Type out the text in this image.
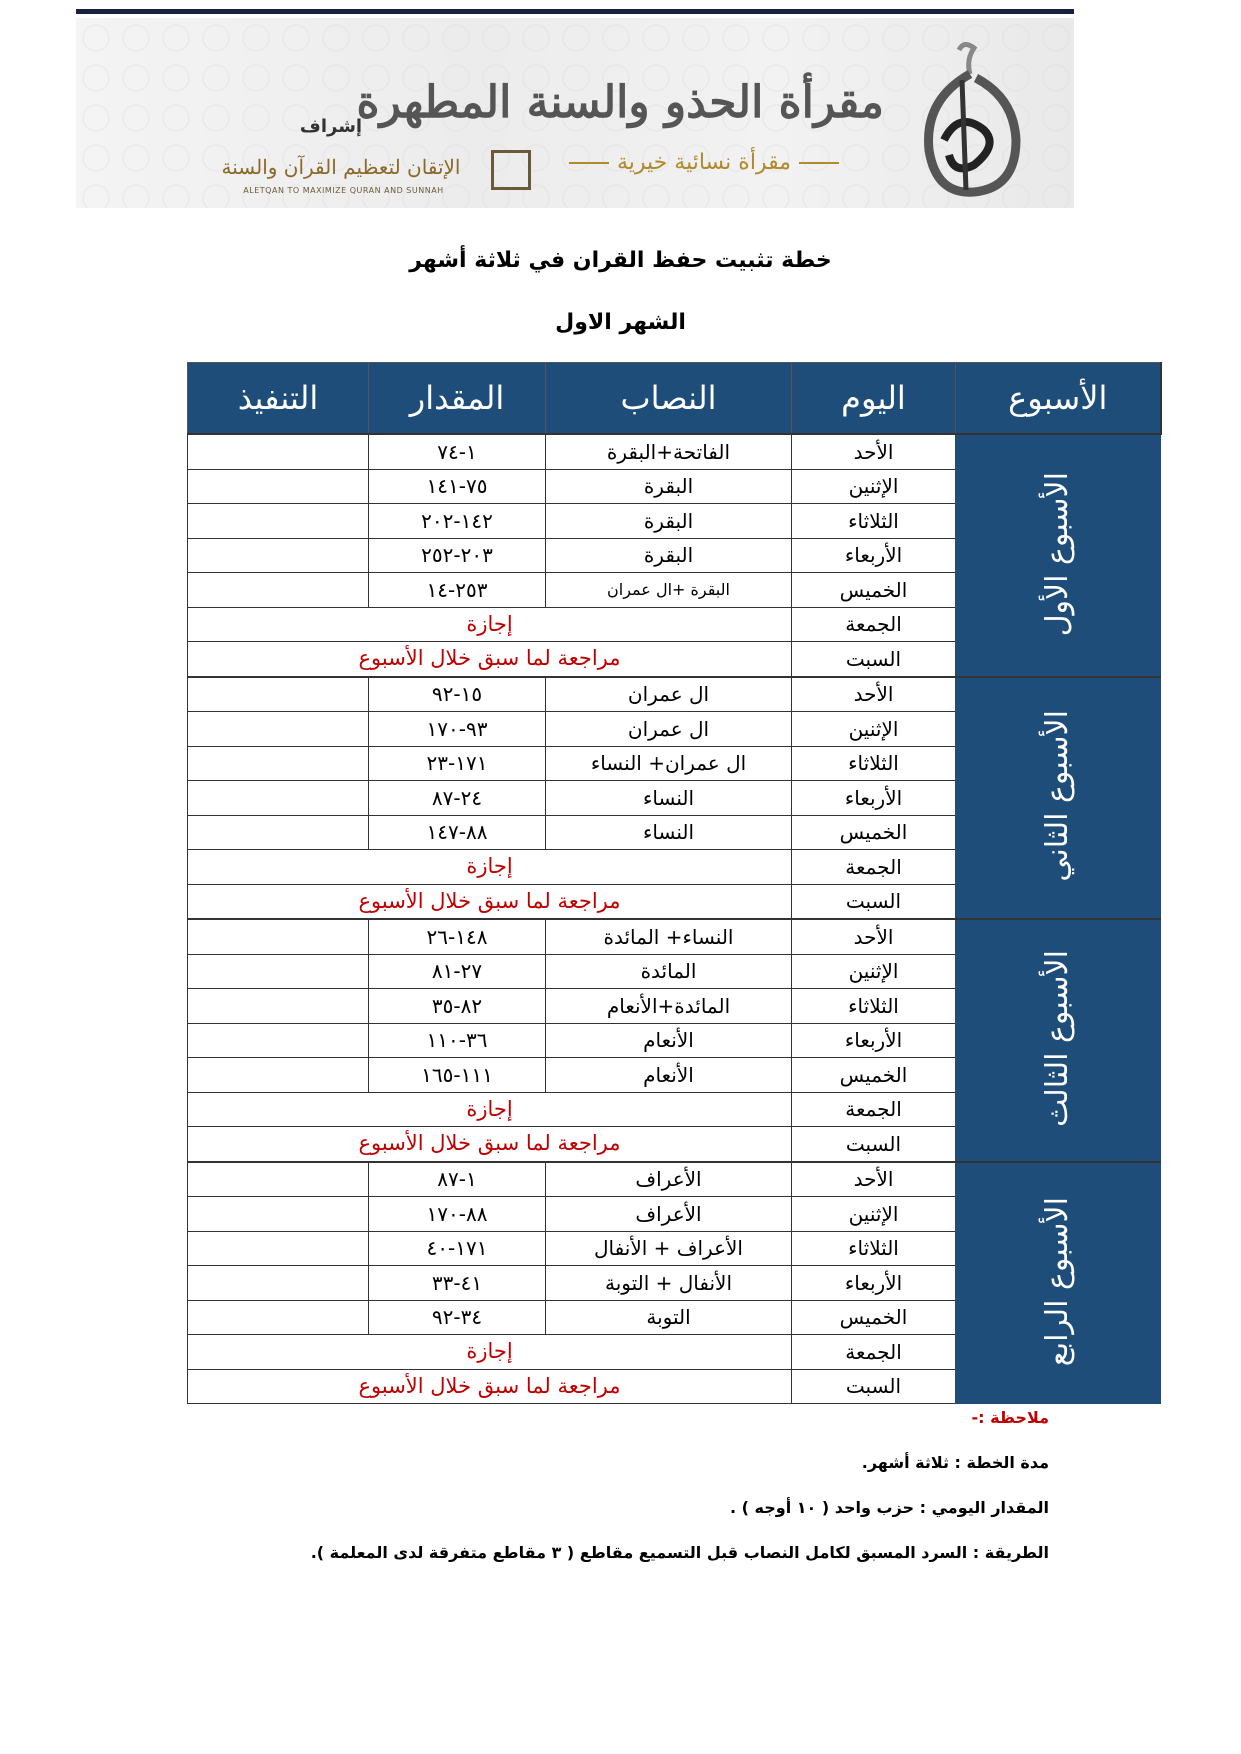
مقرأة الحذو والسنة المطهرة
مقرأة نسائية خيرية
إشراف
الإتقان لتعظيم القرآن والسنة
ALETQAN TO MAXIMIZE QURAN AND SUNNAH
خطة تثبيت حفظ القران في ثلاثة أشهر
الشهر الاول
الأسبوع	اليوم	النصاب	المقدار	التنفيذ
الأسبوع الأول	الأحد	الفاتحة+البقرة	١-٧٤	
	الإثنين	البقرة	٧٥-١٤١	
	الثلاثاء	البقرة	١٤٢-٢٠٢	
	الأربعاء	البقرة	٢٠٣-٢٥٢	
	الخميس	البقرة +ال عمران	٢٥٣-١٤	
	الجمعة	إجازة		
	السبت	مراجعة لما سبق خلال الأسبوع		
الأسبوع الثاني	الأحد	ال عمران	١٥-٩٢	
	الإثنين	ال عمران	٩٣-١٧٠	
	الثلاثاء	ال عمران+ النساء	١٧١-٢٣	
	الأربعاء	النساء	٢٤-٨٧	
	الخميس	النساء	٨٨-١٤٧	
	الجمعة	إجازة		
	السبت	مراجعة لما سبق خلال الأسبوع		
الأسبوع الثالث	الأحد	النساء+ المائدة	١٤٨-٢٦	
	الإثنين	المائدة	٢٧-٨١	
	الثلاثاء	المائدة+الأنعام	٨٢-٣٥	
	الأربعاء	الأنعام	٣٦-١١٠	
	الخميس	الأنعام	١١١-١٦٥	
	الجمعة	إجازة		
	السبت	مراجعة لما سبق خلال الأسبوع		
الأسبوع الرابع	الأحد	الأعراف	١-٨٧	
	الإثنين	الأعراف	٨٨-١٧٠	
	الثلاثاء	الأعراف + الأنفال	١٧١-٤٠	
	الأربعاء	الأنفال + التوبة	٤١-٣٣	
	الخميس	التوبة	٣٤-٩٢	
	الجمعة	إجازة		
	السبت	مراجعة لما سبق خلال الأسبوع		
ملاحظة :-
مدة الخطة : ثلاثة أشهر.
المقدار اليومي : حزب واحد ( ١٠ أوجه ) .
الطريقة : السرد المسبق لكامل النصاب قبل التسميع مقاطع ( ٣ مقاطع متفرقة لدى المعلمة ).
